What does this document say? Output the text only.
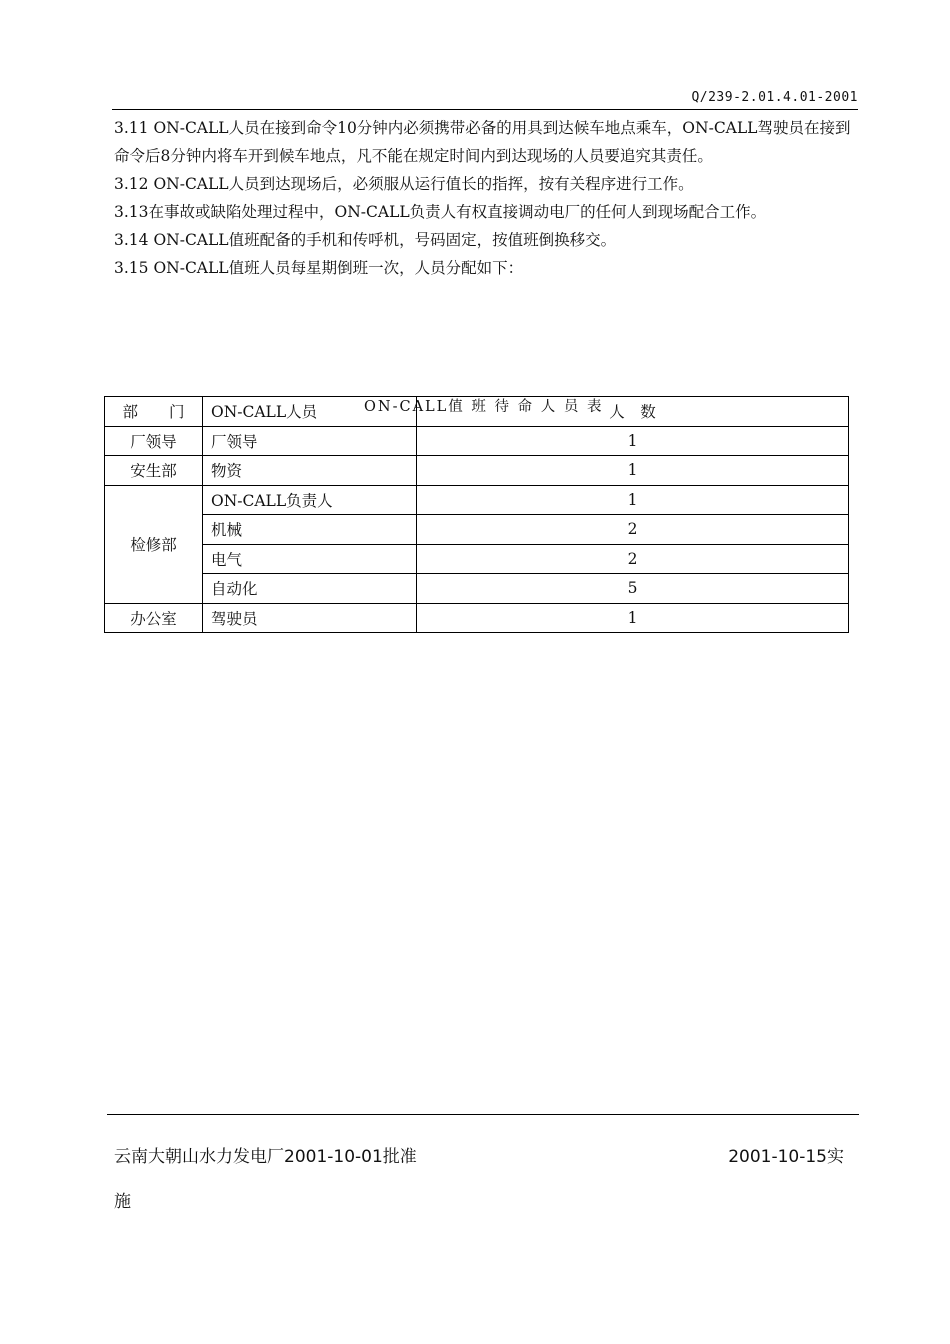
Q/239-2.01.4.01-2001

3.11 ON-CALL人员在接到命令10分钟内必须携带必备的用具到达候车地点乘车，ON-CALL驾驶员在接到命令后8分钟内将车开到候车地点，凡不能在规定时间内到达现场的人员要追究其责任。

3.12 ON-CALL人员到达现场后，必须服从运行值长的指挥，按有关程序进行工作。

3.13在事故或缺陷处理过程中，ON-CALL负责人有权直接调动电厂的任何人到现场配合工作。

3.14 ON-CALL值班配备的手机和传呼机，号码固定，按值班倒换移交。

3.15 ON-CALL值班人员每星期倒班一次，人员分配如下：

ON-CALL值 班 待 命 人 员 表
部　　门	ON-CALL人员	人　数
厂领导	厂领导	1
安生部	物资	1
检修部	ON-CALL负责人	1
	机械	2
	电气	2
	自动化	5
办公室	驾驶员	1
云南大朝山水力发电厂2001-10-01批准	2001-10-15实
施
